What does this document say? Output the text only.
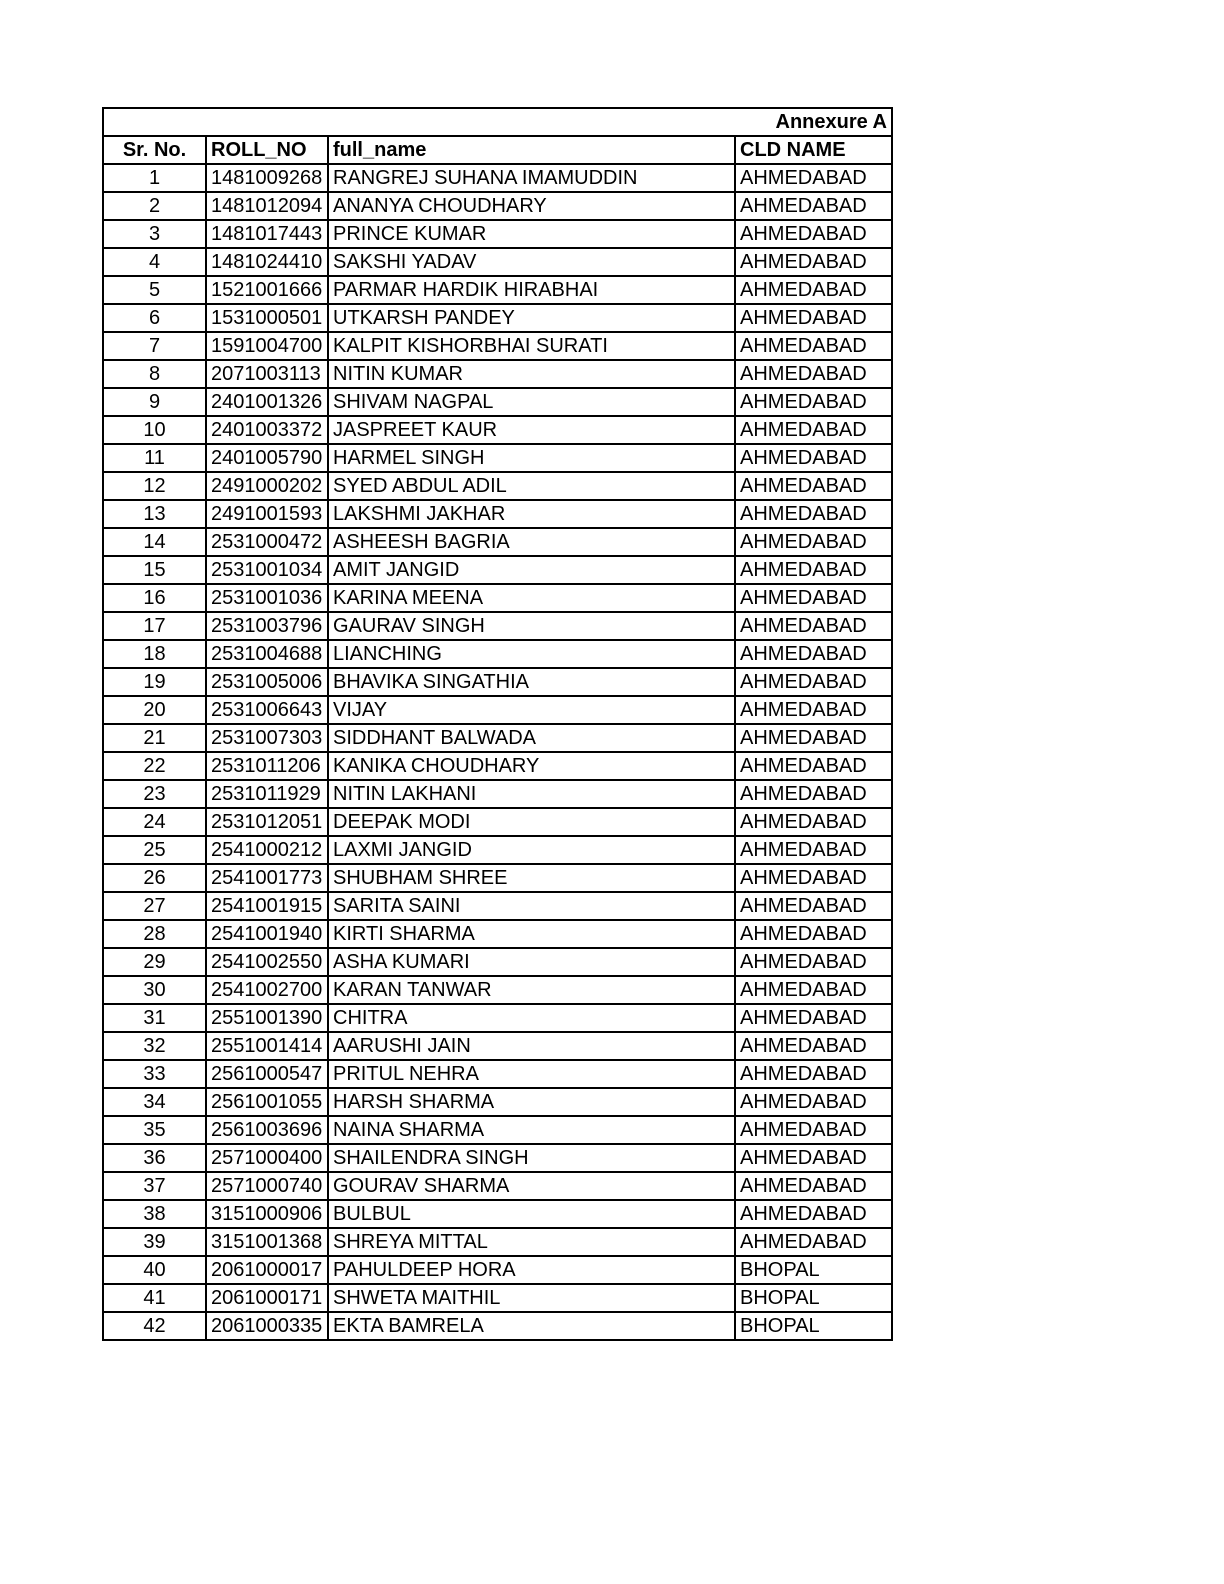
Annexure A			
Sr. No.	ROLL_NO	full_name	CLD NAME
1	1481009268	RANGREJ SUHANA IMAMUDDIN	AHMEDABAD
2	1481012094	ANANYA CHOUDHARY	AHMEDABAD
3	1481017443	PRINCE KUMAR	AHMEDABAD
4	1481024410	SAKSHI YADAV	AHMEDABAD
5	1521001666	PARMAR HARDIK HIRABHAI	AHMEDABAD
6	1531000501	UTKARSH PANDEY	AHMEDABAD
7	1591004700	KALPIT KISHORBHAI SURATI	AHMEDABAD
8	2071003113	NITIN KUMAR	AHMEDABAD
9	2401001326	SHIVAM NAGPAL	AHMEDABAD
10	2401003372	JASPREET KAUR	AHMEDABAD
11	2401005790	HARMEL SINGH	AHMEDABAD
12	2491000202	SYED ABDUL ADIL	AHMEDABAD
13	2491001593	LAKSHMI JAKHAR	AHMEDABAD
14	2531000472	ASHEESH BAGRIA	AHMEDABAD
15	2531001034	AMIT JANGID	AHMEDABAD
16	2531001036	KARINA MEENA	AHMEDABAD
17	2531003796	GAURAV SINGH	AHMEDABAD
18	2531004688	LIANCHING	AHMEDABAD
19	2531005006	BHAVIKA SINGATHIA	AHMEDABAD
20	2531006643	VIJAY	AHMEDABAD
21	2531007303	SIDDHANT BALWADA	AHMEDABAD
22	2531011206	KANIKA CHOUDHARY	AHMEDABAD
23	2531011929	NITIN LAKHANI	AHMEDABAD
24	2531012051	DEEPAK MODI	AHMEDABAD
25	2541000212	LAXMI JANGID	AHMEDABAD
26	2541001773	SHUBHAM SHREE	AHMEDABAD
27	2541001915	SARITA SAINI	AHMEDABAD
28	2541001940	KIRTI SHARMA	AHMEDABAD
29	2541002550	ASHA KUMARI	AHMEDABAD
30	2541002700	KARAN TANWAR	AHMEDABAD
31	2551001390	CHITRA	AHMEDABAD
32	2551001414	AARUSHI JAIN	AHMEDABAD
33	2561000547	PRITUL NEHRA	AHMEDABAD
34	2561001055	HARSH SHARMA	AHMEDABAD
35	2561003696	NAINA SHARMA	AHMEDABAD
36	2571000400	SHAILENDRA SINGH	AHMEDABAD
37	2571000740	GOURAV SHARMA	AHMEDABAD
38	3151000906	BULBUL	AHMEDABAD
39	3151001368	SHREYA MITTAL	AHMEDABAD
40	2061000017	PAHULDEEP HORA	BHOPAL
41	2061000171	SHWETA MAITHIL	BHOPAL
42	2061000335	EKTA BAMRELA	BHOPAL
